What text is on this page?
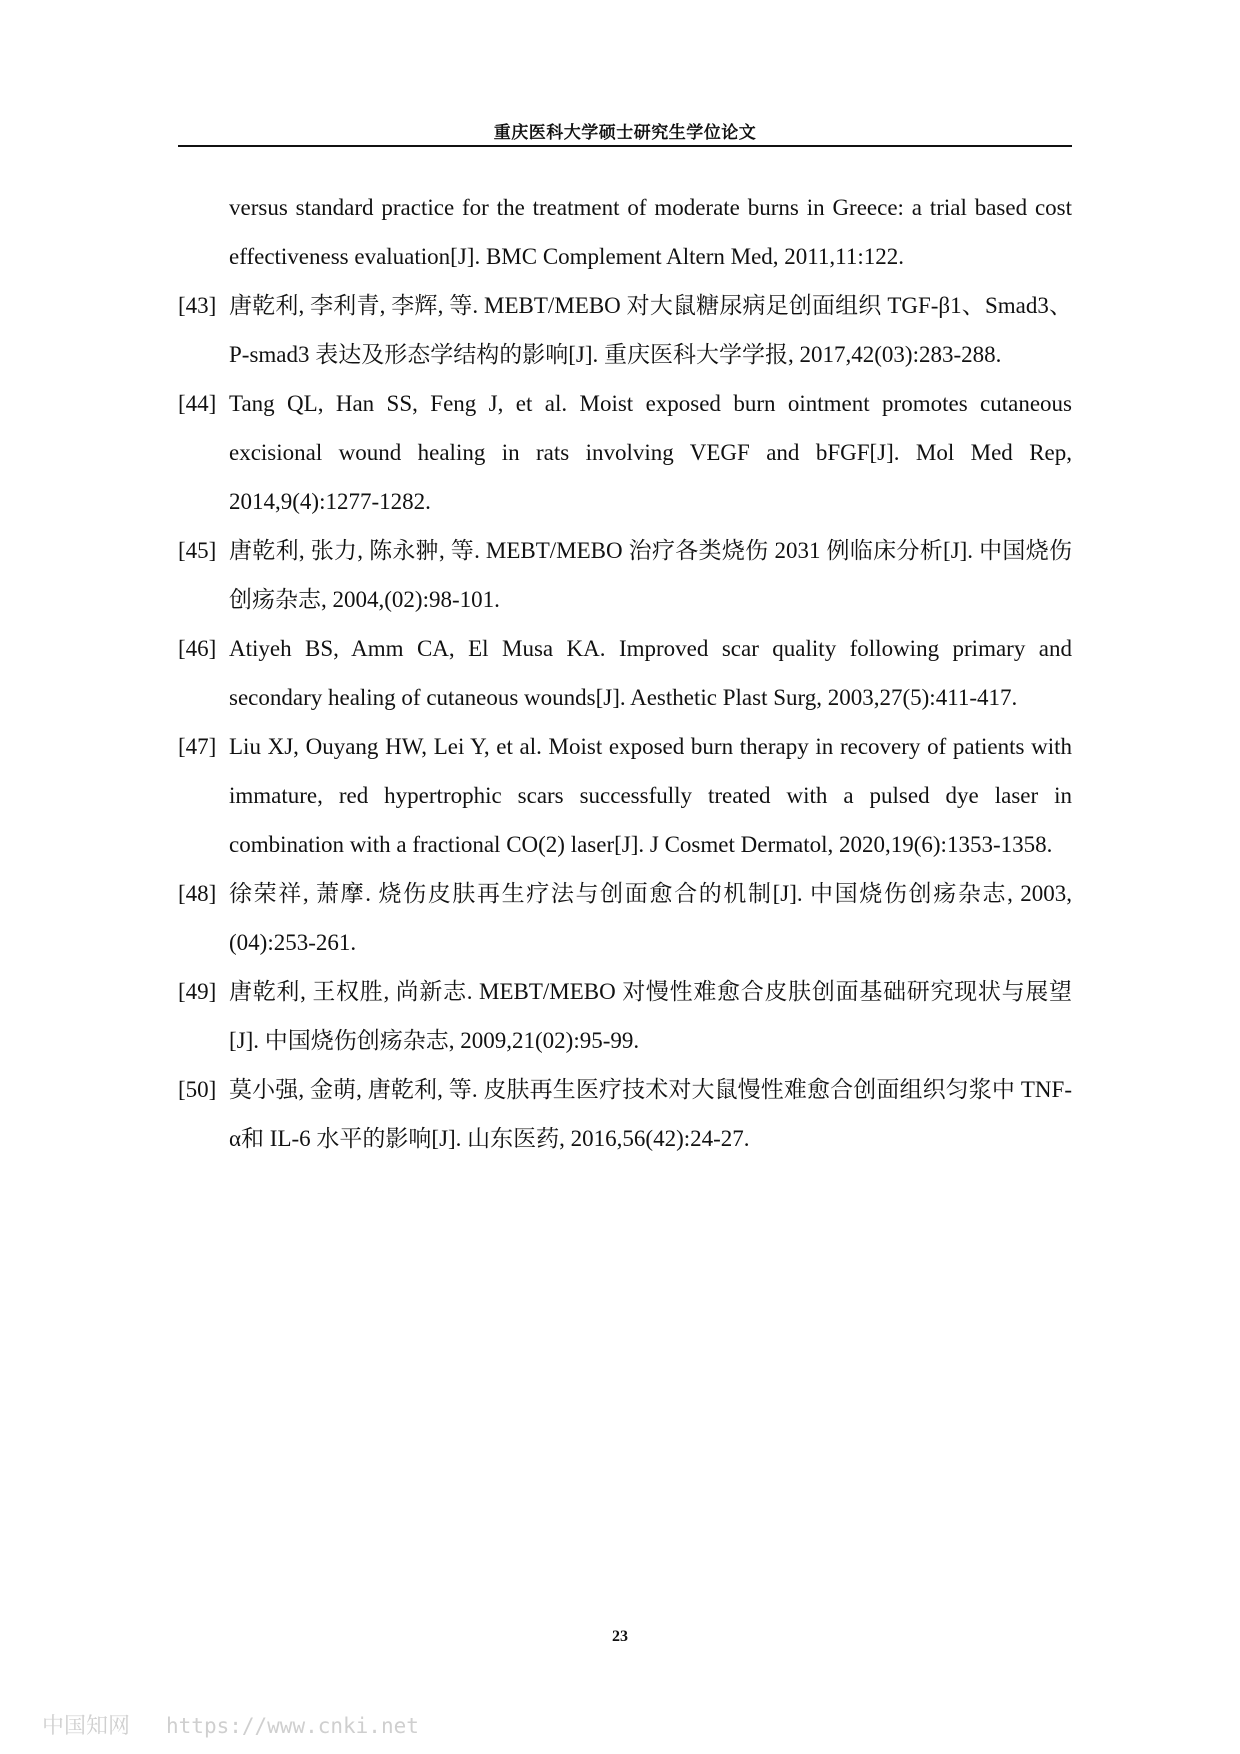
重庆医科大学硕士研究生学位论文

versus standard practice for the treatment of moderate burns in Greece: a trial based cost effectiveness evaluation[J]. BMC Complement Altern Med, 2011,11:122.

[43] 唐乾利, 李利青, 李辉, 等. MEBT/MEBO 对大鼠糖尿病足创面组织 TGF-β1、Smad3、P-smad3 表达及形态学结构的影响[J]. 重庆医科大学学报, 2017,42(03):283-288.

[44] Tang QL, Han SS, Feng J, et al. Moist exposed burn ointment promotes cutaneous excisional wound healing in rats involving VEGF and bFGF[J]. Mol Med Rep, 2014,9(4):1277-1282.

[45] 唐乾利, 张力, 陈永翀, 等. MEBT/MEBO 治疗各类烧伤 2031 例临床分析[J]. 中国烧伤创疡杂志, 2004,(02):98-101.

[46] Atiyeh BS, Amm CA, El Musa KA. Improved scar quality following primary and secondary healing of cutaneous wounds[J]. Aesthetic Plast Surg, 2003,27(5):411-417.

[47] Liu XJ, Ouyang HW, Lei Y, et al. Moist exposed burn therapy in recovery of patients with immature, red hypertrophic scars successfully treated with a pulsed dye laser in combination with a fractional CO(2) laser[J]. J Cosmet Dermatol, 2020,19(6):1353-1358.

[48] 徐荣祥, 萧摩. 烧伤皮肤再生疗法与创面愈合的机制[J]. 中国烧伤创疡杂志, 2003,(04):253-261.

[49] 唐乾利, 王权胜, 尚新志. MEBT/MEBO 对慢性难愈合皮肤创面基础研究现状与展望[J]. 中国烧伤创疡杂志, 2009,21(02):95-99.

[50] 莫小强, 金萌, 唐乾利, 等. 皮肤再生医疗技术对大鼠慢性难愈合创面组织匀浆中 TNF-α和 IL-6 水平的影响[J]. 山东医药, 2016,56(42):24-27.

23
中国知网 https://www.cnki.net
